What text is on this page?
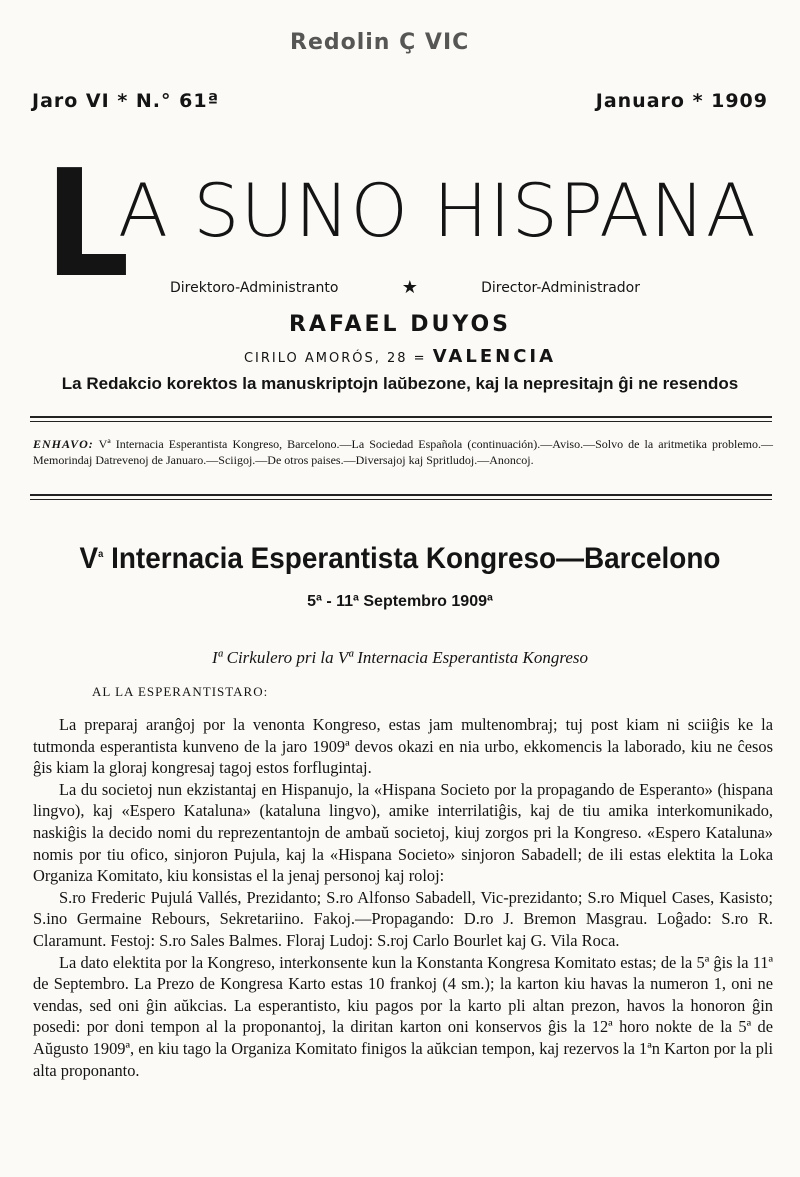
Redolin Ç VIC
Jaro VI * N.° 61ª	Januaro * 1909
L
A SUNO HISPANA
Direktoro-Administranto	★	Director-Administrador
RAFAEL DUYOS
CIRILO AMORÓS, 28 = VALENCIA
La Redakcio korektos la manuskriptojn laŭbezone, kaj la nepresitajn ĝi ne resendos
ENHAVO: Vª Internacia Esperantista Kongreso, Barcelono.—La Sociedad Española (continuación).—Aviso.—Solvo de la aritmetika problemo.—Memorindaj Datrevenoj de Januaro.—Sciigoj.—De otros paises.—Diversajoj kaj Spritludoj.—Anoncoj.
$V^a$ Internacia Esperantista Kongreso—Barcelono
5ª - 11ª Septembro 1909ª
Iª Cirkulero pri la Vª Internacia Esperantista Kongreso
AL LA ESPERANTISTARO:

La preparaj aranĝoj por la venonta Kongreso, estas jam multenombraj; tuj post kiam ni sciiĝis ke la tutmonda esperantista kunveno de la jaro 1909ª devos okazi en nia urbo, ekkomencis la laborado, kiu ne ĉesos ĝis kiam la gloraj kongresaj tagoj estos forflugintaj.

La du societoj nun ekzistantaj en Hispanujo, la «Hispana Societo por la propagando de Esperanto» (hispana lingvo), kaj «Espero Kataluna» (kataluna lingvo), amike interrilatiĝis, kaj de tiu amika interkomunikado, naskiĝis la decido nomi du reprezentantojn de ambaŭ societoj, kiuj zorgos pri la Kongreso. «Espero Kataluna» nomis por tiu ofico, sinjoron Pujula, kaj la «Hispana Societo» sinjoron Sabadell; de ili estas elektita la Loka Organiza Komitato, kiu konsistas el la jenaj personoj kaj roloj:

S.ro Frederic Pujulá Vallés, Prezidanto; S.ro Alfonso Sabadell, Vic-prezidanto; S.ro Miquel Cases, Kasisto; S.ino Germaine Rebours, Sekretariino. Fakoj.—Propagando: D.ro J. Bremon Masgrau. Loĝado: S.ro R. Claramunt. Festoj: S.ro Sales Balmes. Floraj Ludoj: S.roj Carlo Bourlet kaj G. Vila Roca.

La dato elektita por la Kongreso, interkonsente kun la Konstanta Kongresa Komitato estas; de la 5ª ĝis la 11ª de Septembro. La Prezo de Kongresa Karto estas 10 frankoj (4 sm.); la karton kiu havas la numeron 1, oni ne vendas, sed oni ĝin aŭkcias. La esperantisto, kiu pagos por la karto pli altan prezon, havos la honoron ĝin posedi: por doni tempon al la proponantoj, la diritan karton oni konservos ĝis la 12ª horo nokte de la 5ª de Aŭgusto 1909ª, en kiu tago la Organiza Komitato finigos la aŭkcian tempon, kaj rezervos la 1ªn Karton por la pli alta proponanto.
